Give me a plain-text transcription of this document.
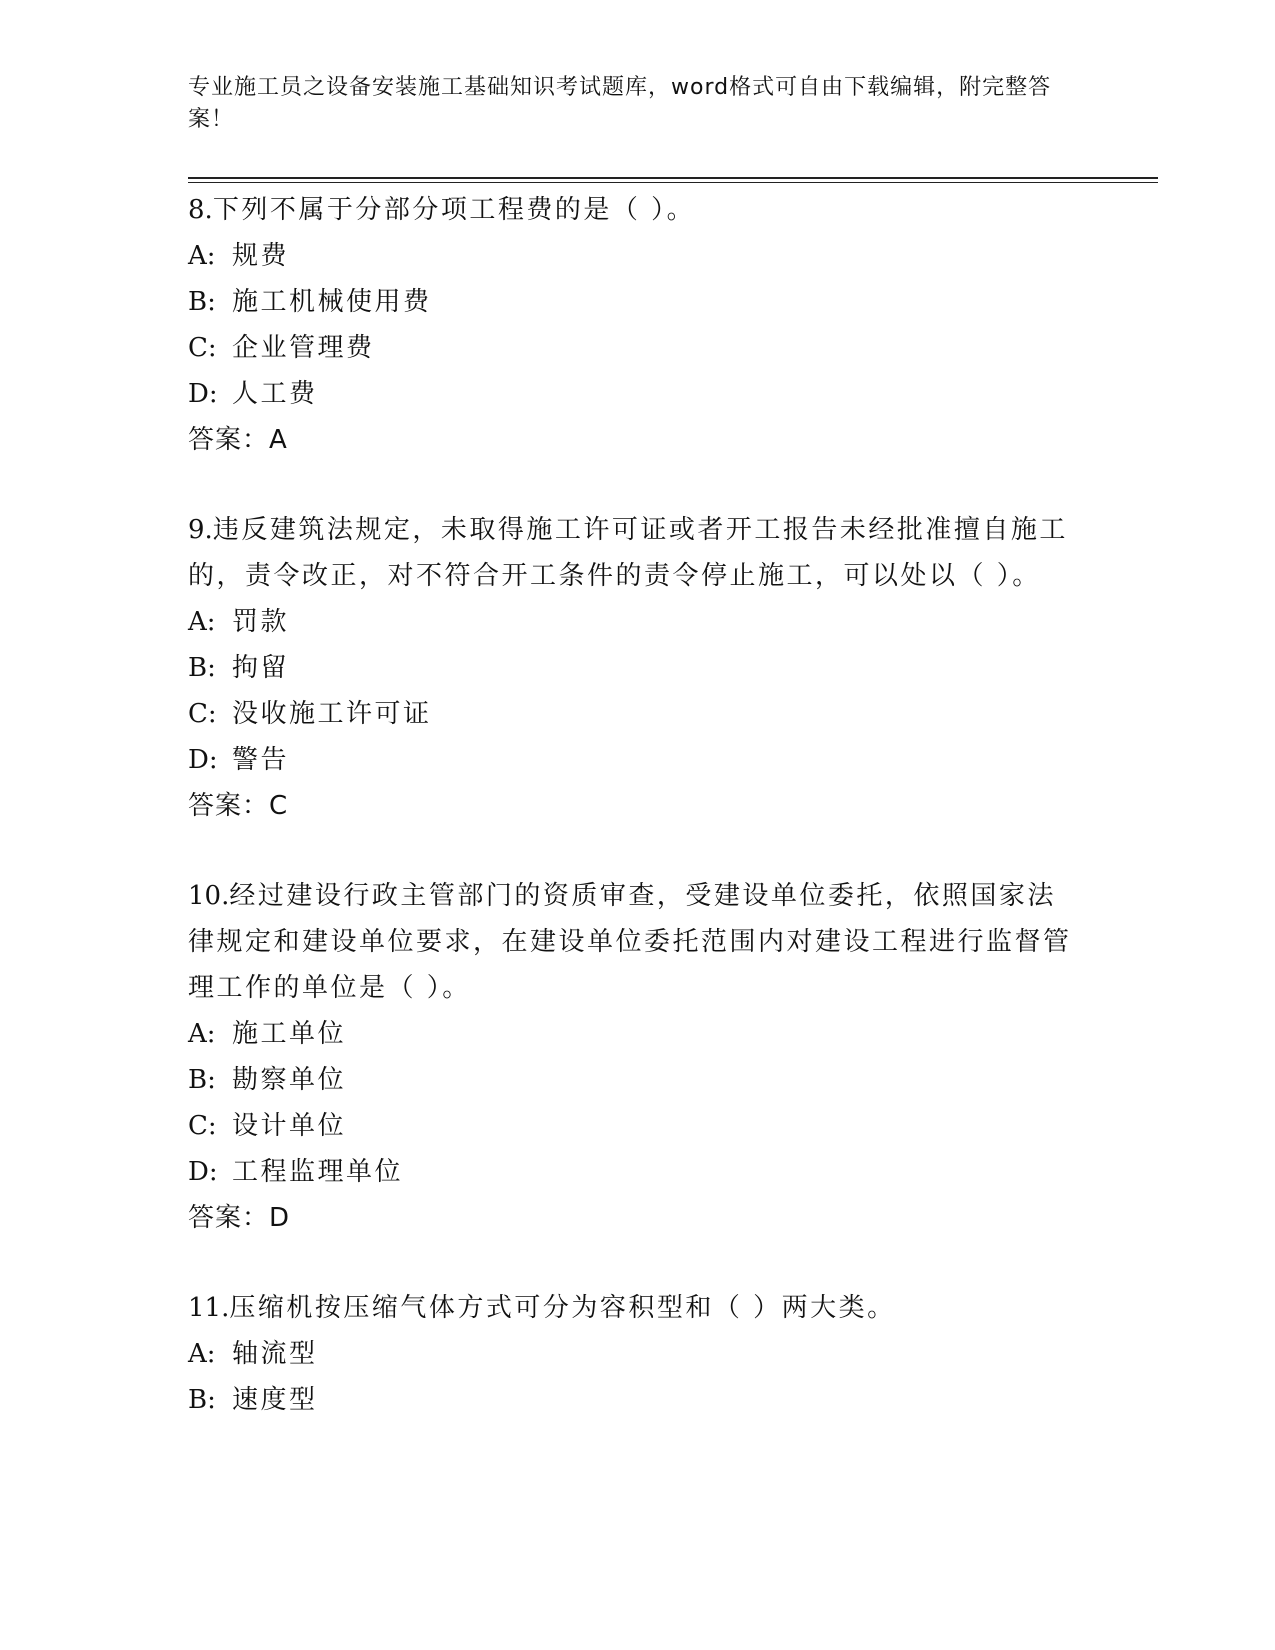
专业施工员之设备安装施工基础知识考试题库，word格式可自由下载编辑，附完整答案！

8.下列不属于分部分项工程费的是（ ）。

A: 规费

B: 施工机械使用费

C: 企业管理费

D: 人工费

答案：A

9.违反建筑法规定，未取得施工许可证或者开工报告未经批准擅自施工的，责令改正，对不符合开工条件的责令停止施工，可以处以（ ）。

A: 罚款

B: 拘留

C: 没收施工许可证

D: 警告

答案：C

10.经过建设行政主管部门的资质审查，受建设单位委托，依照国家法律规定和建设单位要求，在建设单位委托范围内对建设工程进行监督管理工作的单位是（ ）。

A: 施工单位

B: 勘察单位

C: 设计单位

D: 工程监理单位

答案：D

11.压缩机按压缩气体方式可分为容积型和（ ）两大类。

A: 轴流型

B: 速度型
